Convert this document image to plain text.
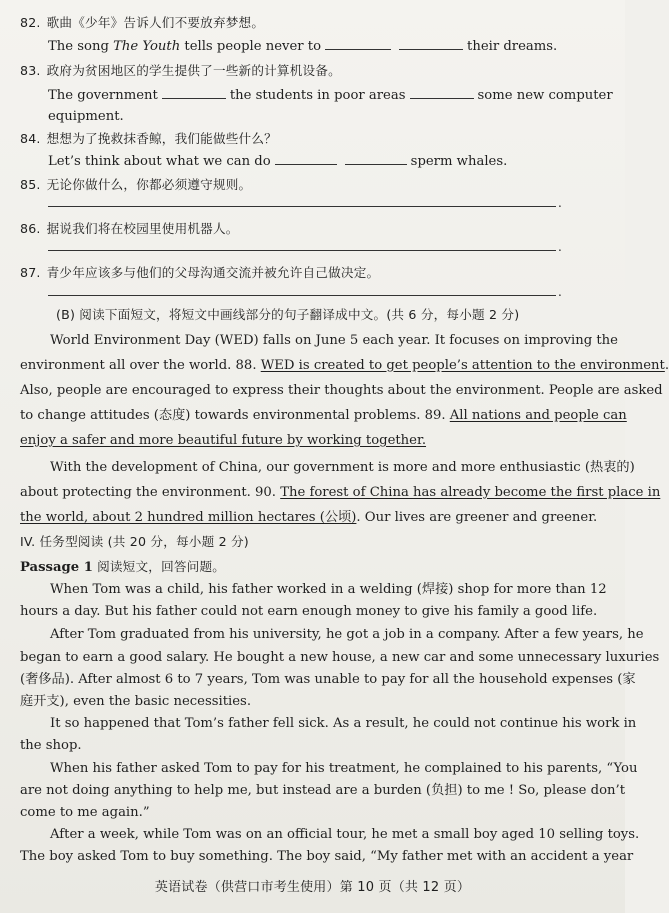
82. 歌曲《少年》告诉人们不要放弃梦想。
The song The Youth tells people never to	their dreams.
83. 政府为贫困地区的学生提供了一些新的计算机设备。
The government	the students in poor areas	some new computer
equipment.
84. 想想为了挽救抹香鲸，我们能做些什么？
Let’s think about what we can do	sperm whales.
85. 无论你做什么，你都必须遵守规则。
.
86. 据说我们将在校园里使用机器人。
.
87. 青少年应该多与他们的父母沟通交流并被允许自己做决定。
.
(B) 阅读下面短文，将短文中画线部分的句子翻译成中文。(共 6 分，每小题 2 分)
World Environment Day (WED) falls on June 5 each year. It focuses on improving the
environment all over the world. 88. WED is created to get people’s attention to the environment.
Also, people are encouraged to express their thoughts about the environment. People are asked
to change attitudes (态度) towards environmental problems. 89. All nations and people can
enjoy a safer and more beautiful future by working together.
With the development of China, our government is more and more enthusiastic (热衷的)
about protecting the environment. 90. The forest of China has already become the first place in
the world, about 2 hundred million hectares (公顷). Our lives are greener and greener.
IV. 任务型阅读 (共 20 分，每小题 2 分)
Passage 1 阅读短文，回答问题。
When Tom was a child, his father worked in a welding (焊接) shop for more than 12
hours a day. But his father could not earn enough money to give his family a good life.
After Tom graduated from his university, he got a job in a company. After a few years, he
began to earn a good salary. He bought a new house, a new car and some unnecessary luxuries
(奢侈品). After almost 6 to 7 years, Tom was unable to pay for all the household expenses (家
庭开支), even the basic necessities.
It so happened that Tom’s father fell sick. As a result, he could not continue his work in
the shop.
When his father asked Tom to pay for his treatment, he complained to his parents, “You
are not doing anything to help me, but instead are a burden (负担) to me ! So, please don’t
come to me again.”
After a week, while Tom was on an official tour, he met a small boy aged 10 selling toys.
The boy asked Tom to buy something. The boy said, “My father met with an accident a year
英语试卷（供营口市考生使用）第 10 页（共 12 页）
